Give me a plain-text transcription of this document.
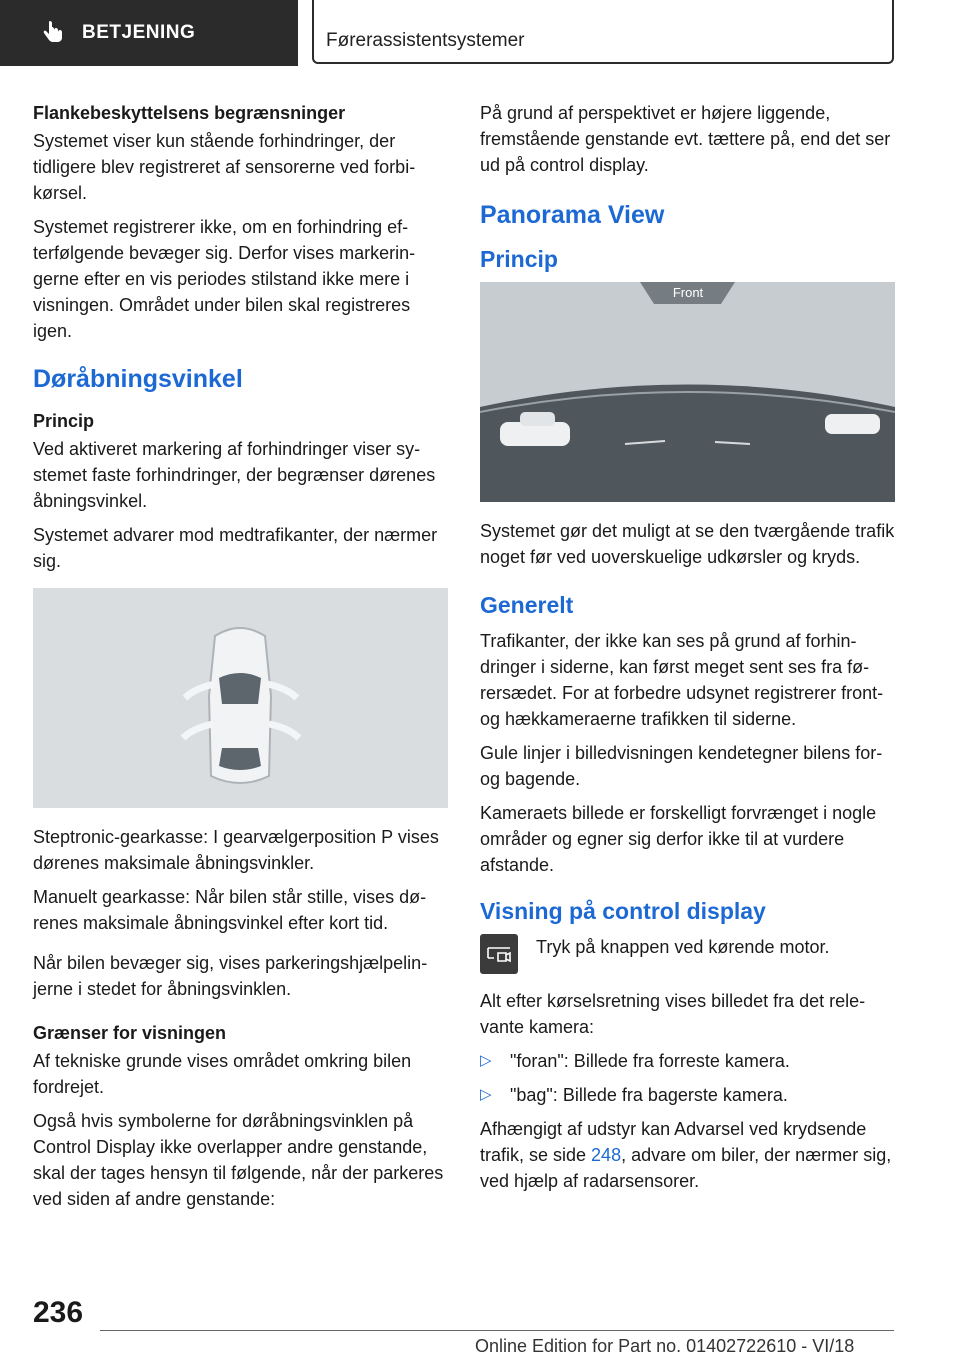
BETJENING	Førerassistentsystemer

Flankebeskyttelsens begrænsninger

Systemet viser kun stående forhindringer, der tidligere blev registreret af sensorerne ved forbikørsel.

Systemet registrerer ikke, om en forhindring efterfølgende bevæger sig. Derfor vises markeringerne efter en vis periodes stilstand ikke mere i visningen. Området under bilen skal registreres igen.

Døråbningsvinkel

Princip

Ved aktiveret markering af forhindringer viser systemet faste forhindringer, der begrænser dørenes åbningsvinkel.

Systemet advarer mod medtrafikanter, der nærmer sig.

Steptronic-gearkasse: I gearvælgerposition P vises dørenes maksimale åbningsvinkler.

Manuelt gearkasse: Når bilen står stille, vises dørenes maksimale åbningsvinkel efter kort tid.

Når bilen bevæger sig, vises parkeringshjælpelinjerne i stedet for åbningsvinklen.

Grænser for visningen

Af tekniske grunde vises området omkring bilen fordrejet.

Også hvis symbolerne for døråbningsvinklen på Control Display ikke overlapper andre genstande, skal der tages hensyn til følgende, når der parkeres ved siden af andre genstande:

På grund af perspektivet er højere liggende, fremstående genstande evt. tættere på, end det ser ud på control display.

Panorama View
Princip
Front

Systemet gør det muligt at se den tværgående trafik noget før ved uoverskuelige udkørsler og kryds.

Generelt

Trafikanter, der ikke kan ses på grund af forhindringer i siderne, kan først meget sent ses fra førersædet. For at forbedre udsynet registrerer front- og hækkameraerne trafikken til siderne.

Gule linjer i billedvisningen kendetegner bilens for- og bagende.

Kameraets billede er forskelligt forvrænget i nogle områder og egner sig derfor ikke til at vurdere afstande.

Visning på control display
Tryk på knappen ved kørende motor.

Alt efter kørselsretning vises billedet fra det relevante kamera:

▷	"foran": Billede fra forreste kamera.
▷	"bag": Billede fra bagerste kamera.

Afhængigt af udstyr kan Advarsel ved krydsende trafik, se side 248, advare om biler, der nærmer sig, ved hjælp af radarsensorer.

236
Online Edition for Part no. 01402722610 - VI/18
